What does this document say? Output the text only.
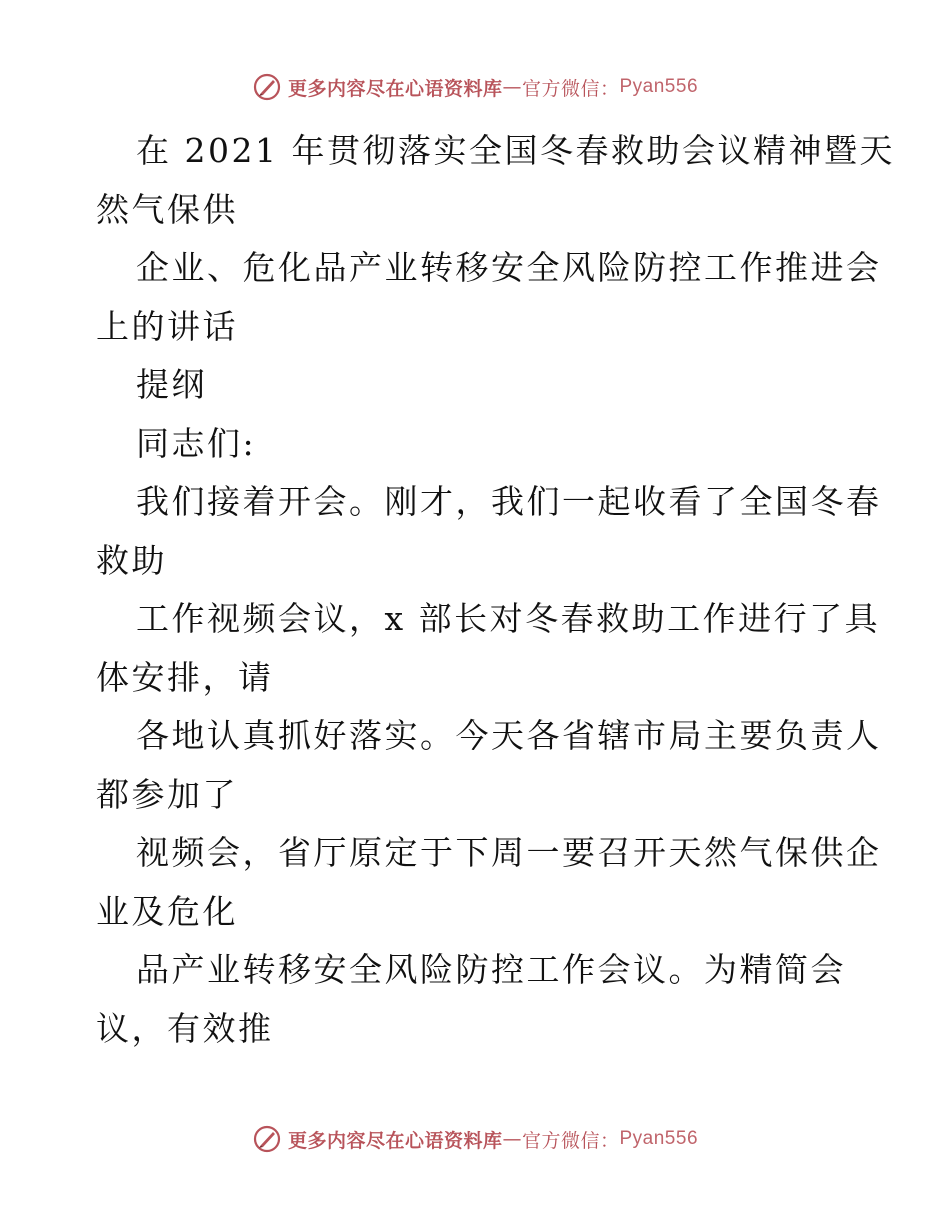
更多内容尽在心语资料库 — 官方微信： Pyan556
在 2021 年贯彻落实全国冬春救助会议精神暨天
然气保供
企业、危化品产业转移安全风险防控工作推进会
上的讲话
提纲
同志们:
我们接着开会。刚才，我们一起收看了全国冬春
救助
工作视频会议，x 部长对冬春救助工作进行了具
体安排，请
各地认真抓好落实。今天各省辖市局主要负责人
都参加了
视频会，省厅原定于下周一要召开天然气保供企
业及危化
品产业转移安全风险防控工作会议。为精简会
议，有效推
更多内容尽在心语资料库 — 官方微信： Pyan556
